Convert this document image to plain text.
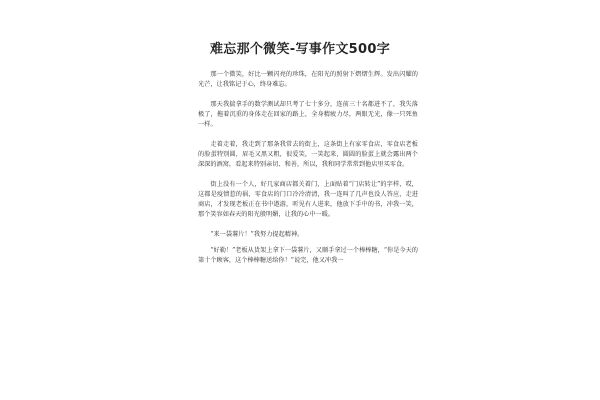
难忘那个微笑-写事作文500字

那一个微笑，好比一颗闪亮的珍珠，在阳光的照射下熠熠生辉。发出闪耀的光芒，让我铭记于心，终身难忘。

那天我揣拿手的数学测试却只考了七十多分，连前三十名都进不了，我失落极了，拖着沉重的身体走在回家的路上，全身精疲力尽，两眼无光，像一只死鱼一样。

走着走着，我走到了那条我常去的街上，这条街上有家零食店，零食店老板的脸蛋特别圆，眉毛又黑又粗，很爱笑，一笑起来，圆圆的脸蛋上就会露出两个深深的酒窝，看起来特别亲切、和善，所以，我和同学常常到他店里买零食。

街上没有一个人，好几家商店都关着门，上面贴着“门店转让”的字样，哎，这都是疫情惹的祸，零食店的门口冷冷清清，我一连叫了几声也没人答应，走进商店，才发现老板正在书中遨游，听见有人进来，他放下手中的书，冲我一笑，那个笑容如春天的阳光般明媚，让我的心中一暖。

“来一袋薯片！”我努力提起精神。

“好勒！”老板从货架上拿下一袋薯片，又顺手拿过一个棒棒糖，“你是今天的第十个顾客，这个棒棒糖送给你！”说完，他又冲我一
